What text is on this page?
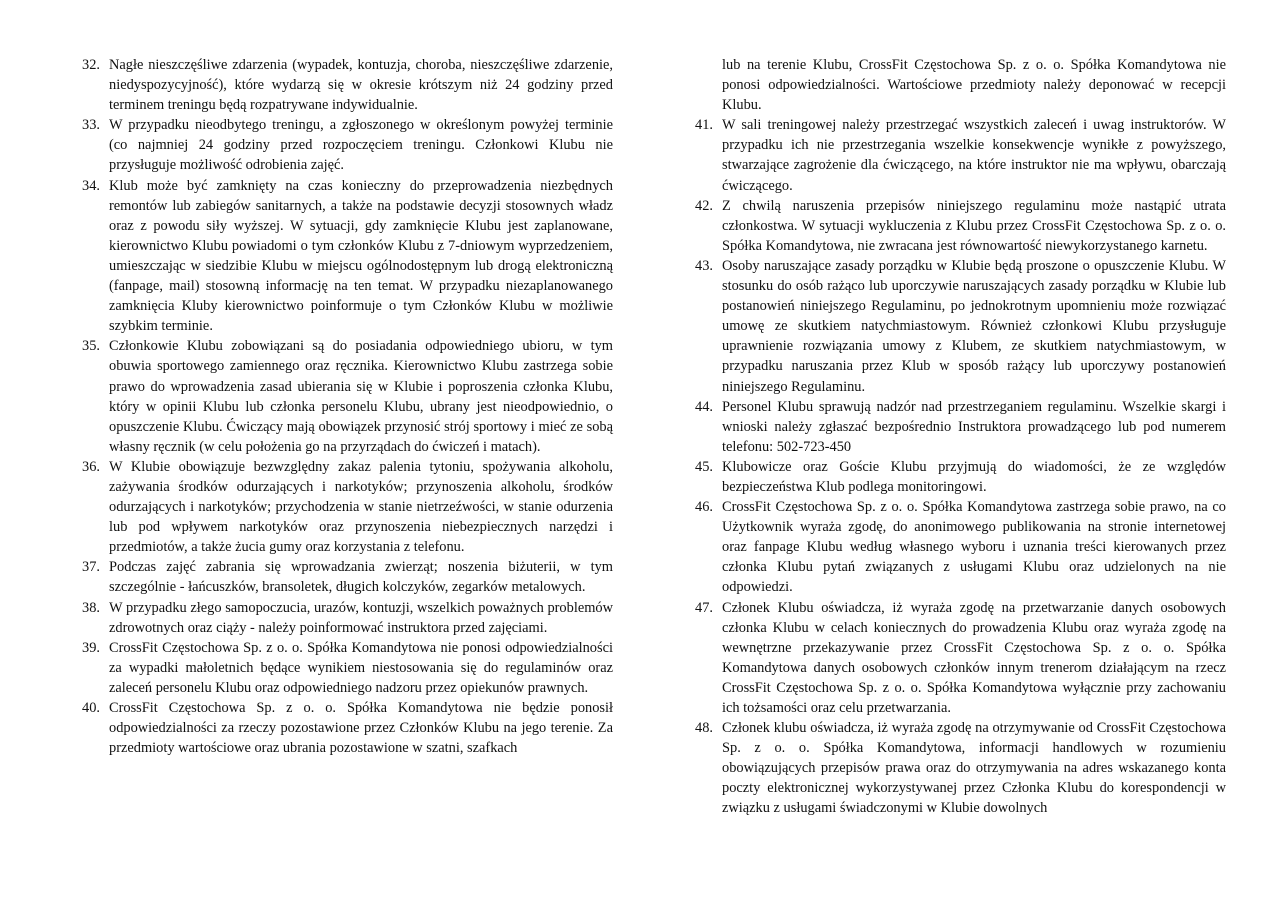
32. Nagłe nieszczęśliwe zdarzenia (wypadek, kontuzja, choroba, nieszczęśliwe zdarzenie, niedyspozycyjność), które wydarzą się w okresie krótszym niż 24 godziny przed terminem treningu będą rozpatrywane indywidualnie.
33. W przypadku nieodbytego treningu, a zgłoszonego w określonym powyżej terminie (co najmniej 24 godziny przed rozpoczęciem treningu. Członkowi Klubu nie przysługuje możliwość odrobienia zajęć.
34. Klub może być zamknięty na czas konieczny do przeprowadzenia niezbędnych remontów lub zabiegów sanitarnych, a także na podstawie decyzji stosownych władz oraz z powodu siły wyższej. W sytuacji, gdy zamknięcie Klubu jest zaplanowane, kierownictwo Klubu powiadomi o tym członków Klubu z 7-dniowym wyprzedzeniem, umieszczając w siedzibie Klubu w miejscu ogólnodostępnym lub drogą elektroniczną (fanpage, mail) stosowną informację na ten temat. W przypadku niezaplanowanego zamknięcia Kluby kierownictwo poinformuje o tym Członków Klubu w możliwie szybkim terminie.
35. Członkowie Klubu zobowiązani są do posiadania odpowiedniego ubioru, w tym obuwia sportowego zamiennego oraz ręcznika. Kierownictwo Klubu zastrzega sobie prawo do wprowadzenia zasad ubierania się w Klubie i poproszenia członka Klubu, który w opinii Klubu lub członka personelu Klubu, ubrany jest nieodpowiednio, o opuszczenie Klubu. Ćwiczący mają obowiązek przynosić strój sportowy i mieć ze sobą własny ręcznik (w celu położenia go na przyrządach do ćwiczeń i matach).
36. W Klubie obowiązuje bezwzględny zakaz palenia tytoniu, spożywania alkoholu, zażywania środków odurzających i narkotyków; przynoszenia alkoholu, środków odurzających i narkotyków; przychodzenia w stanie nietrzeźwości, w stanie odurzenia lub pod wpływem narkotyków oraz przynoszenia niebezpiecznych narzędzi i przedmiotów, a także żucia gumy oraz korzystania z telefonu.
37. Podczas zajęć zabrania się wprowadzania zwierząt; noszenia biżuterii, w tym szczególnie - łańcuszków, bransoletek, długich kolczyków, zegarków metalowych.
38. W przypadku złego samopoczucia, urazów, kontuzji, wszelkich poważnych problemów zdrowotnych oraz ciąży - należy poinformować instruktora przed zajęciami.
39. CrossFit Częstochowa Sp. z o. o. Spółka Komandytowa nie ponosi odpowiedzialności za wypadki małoletnich będące wynikiem niestosowania się do regulaminów oraz zaleceń personelu Klubu oraz odpowiedniego nadzoru przez opiekunów prawnych.
40. CrossFit Częstochowa Sp. z o. o. Spółka Komandytowa nie będzie ponosił odpowiedzialności za rzeczy pozostawione przez Członków Klubu na jego terenie. Za przedmioty wartościowe oraz ubrania pozostawione w szatni, szafkach
lub na terenie Klubu, CrossFit Częstochowa Sp. z o. o. Spółka Komandytowa nie ponosi odpowiedzialności. Wartościowe przedmioty należy deponować w recepcji Klubu.
41. W sali treningowej należy przestrzegać wszystkich zaleceń i uwag instruktorów. W przypadku ich nie przestrzegania wszelkie konsekwencje wynikłe z powyższego, stwarzające zagrożenie dla ćwiczącego, na które instruktor nie ma wpływu, obarczają ćwiczącego.
42. Z chwilą naruszenia przepisów niniejszego regulaminu może nastąpić utrata członkostwa. W sytuacji wykluczenia z Klubu przez CrossFit Częstochowa Sp. z o. o. Spółka Komandytowa, nie zwracana jest równowartość niewykorzystanego karnetu.
43. Osoby naruszające zasady porządku w Klubie będą proszone o opuszczenie Klubu. W stosunku do osób rażąco lub uporczywie naruszających zasady porządku w Klubie lub postanowień niniejszego Regulaminu, po jednokrotnym upomnieniu może rozwiązać umowę ze skutkiem natychmiastowym. Również członkowi Klubu przysługuje uprawnienie rozwiązania umowy z Klubem, ze skutkiem natychmiastowym, w przypadku naruszania przez Klub w sposób rażący lub uporczywy postanowień niniejszego Regulaminu.
44. Personel Klubu sprawują nadzór nad przestrzeganiem regulaminu. Wszelkie skargi i wnioski należy zgłaszać bezpośrednio Instruktora prowadzącego lub pod numerem telefonu: 502-723-450
45. Klubowicze oraz Goście Klubu przyjmują do wiadomości, że ze względów bezpieczeństwa Klub podlega monitoringowi.
46. CrossFit Częstochowa Sp. z o. o. Spółka Komandytowa zastrzega sobie prawo, na co Użytkownik wyraża zgodę, do anonimowego publikowania na stronie internetowej oraz fanpage Klubu według własnego wyboru i uznania treści kierowanych przez członka Klubu pytań związanych z usługami Klubu oraz udzielonych na nie odpowiedzi.
47. Członek Klubu oświadcza, iż wyraża zgodę na przetwarzanie danych osobowych członka Klubu w celach koniecznych do prowadzenia Klubu oraz wyraża zgodę na wewnętrzne przekazywanie przez CrossFit Częstochowa Sp. z o. o. Spółka Komandytowa danych osobowych członków innym trenerom działającym na rzecz CrossFit Częstochowa Sp. z o. o. Spółka Komandytowa wyłącznie przy zachowaniu ich tożsamości oraz celu przetwarzania.
48. Członek klubu oświadcza, iż wyraża zgodę na otrzymywanie od CrossFit Częstochowa Sp. z o. o. Spółka Komandytowa, informacji handlowych w rozumieniu obowiązujących przepisów prawa oraz do otrzymywania na adres wskazanego konta poczty elektronicznej wykorzystywanej przez Członka Klubu do korespondencji w związku z usługami świadczonymi w Klubie dowolnych
